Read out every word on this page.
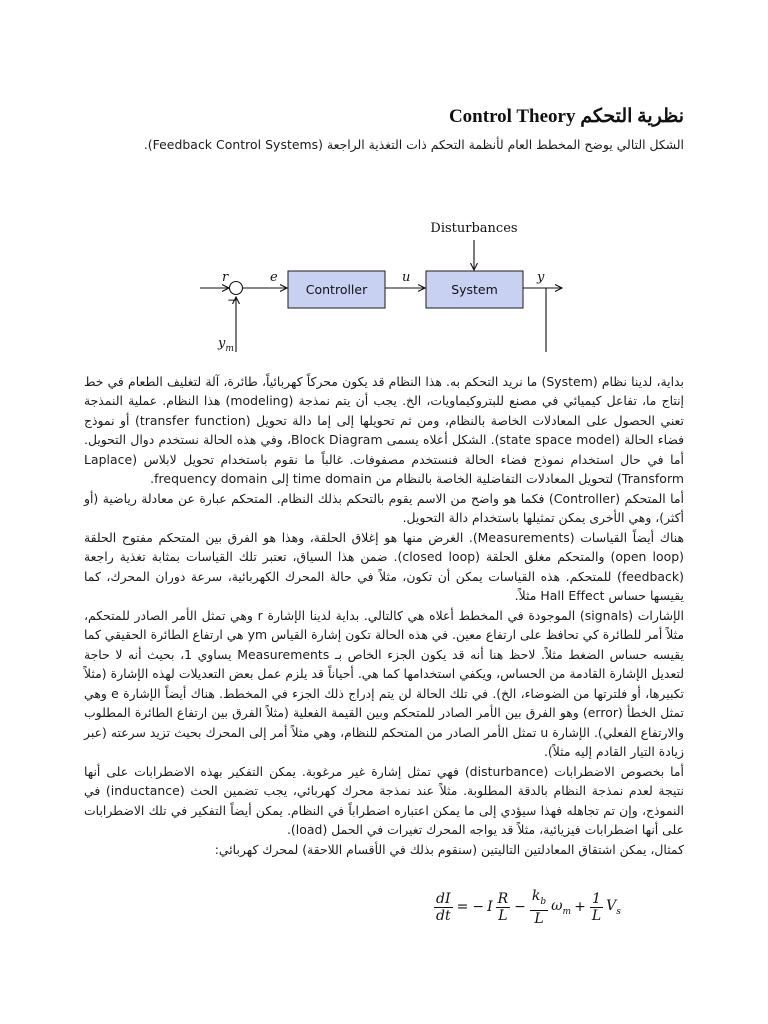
Control Theory نظرية التحكم

الشكل التالي يوضح المخطط العام لأنظمة التحكم ذات التغذية الراجعة (Feedback Control Systems).

Disturbances
r
−
e
Controller
u
System
y
$y_m$

بداية، لدينا نظام (System) ما نريد التحكم به. هذا النظام قد يكون محركاً كهربائياً، طائرة، آلة لتغليف الطعام في خط إنتاج ما، تفاعل كيميائي في مصنع للبتروكيماويات، الخ. يجب أن يتم نمذجة (modeling) هذا النظام. عملية النمذجة تعني الحصول على المعادلات الخاصة بالنظام، ومن ثم تحويلها إلى إما دالة تحويل (transfer function) أو نموذج فضاء الحالة (state space model). الشكل أعلاه يسمى Block Diagram، وفي هذه الحالة نستخدم دوال التحويل. أما في حال استخدام نموذج فضاء الحالة فنستخدم مصفوفات. غالباً ما نقوم باستخدام تحويل لابلاس (Laplace Transform) لتحويل المعادلات التفاضلية الخاصة بالنظام من time domain إلى frequency domain.

أما المتحكم (Controller) فكما هو واضح من الاسم يقوم بالتحكم بذلك النظام. المتحكم عبارة عن معادلة رياضية (أو أكثر)، وهي الأخرى يمكن تمثيلها باستخدام دالة التحويل.

هناك أيضاً القياسات (Measurements). الغرض منها هو إغلاق الحلقة، وهذا هو الفرق بين المتحكم مفتوح الحلقة (open loop) والمتحكم مغلق الحلقة (closed loop). ضمن هذا السياق، تعتبر تلك القياسات بمثابة تغذية راجعة (feedback) للمتحكم. هذه القياسات يمكن أن تكون، مثلاً في حالة المحرك الكهربائية، سرعة دوران المحرك، كما يقيسها حساس Hall Effect مثلاً.

الإشارات (signals) الموجودة في المخطط أعلاه هي كالتالي. بداية لدينا الإشارة r وهي تمثل الأمر الصادر للمتحكم، مثلاً أمر للطائرة كي تحافظ على ارتفاع معين. في هذه الحالة تكون إشارة القياس ym هي ارتفاع الطائرة الحقيقي كما يقيسه حساس الضغط مثلاً. لاحظ هنا أنه قد يكون الجزء الخاص بـ Measurements يساوي 1، بحيث أنه لا حاجة لتعديل الإشارة القادمة من الحساس، ويكفي استخدامها كما هي. أحياناً قد يلزم عمل بعض التعديلات لهذه الإشارة (مثلاً تكبيرها، أو فلترتها من الضوضاء، الخ). في تلك الحالة لن يتم إدراج ذلك الجزء في المخطط. هناك أيضاً الإشارة e وهي تمثل الخطأ (error) وهو الفرق بين الأمر الصادر للمتحكم وبين القيمة الفعلية (مثلاً الفرق بين ارتفاع الطائرة المطلوب والارتفاع الفعلي). الإشارة u تمثل الأمر الصادر من المتحكم للنظام، وهي مثلاً أمر إلى المحرك بحيث تزيد سرعته (عبر زيادة التيار القادم إليه مثلاً).

أما بخصوص الاضطرابات (disturbance) فهي تمثل إشارة غير مرغوبة. يمكن التفكير بهذه الاضطرابات على أنها نتيجة لعدم نمذجة النظام بالدقة المطلوبة. مثلاً عند نمذجة محرك كهربائي، يجب تضمين الحث (inductance) في النموذج، وإن تم تجاهله فهذا سيؤدي إلى ما يمكن اعتباره اضطراباً في النظام. يمكن أيضاً التفكير في تلك الاضطرابات على أنها اضطرابات فيزيائية، مثلاً قد يواجه المحرك تغيرات في الحمل (load).

كمثال، يمكن اشتقاق المعادلتين التاليتين (سنقوم بذلك في الأقسام اللاحقة) لمحرك كهربائي:

$\frac{dI}{dt}$ = − I $\frac{R}{L} - \frac{k_b}{L} \omega_m + \frac{1}{L} V_s$
